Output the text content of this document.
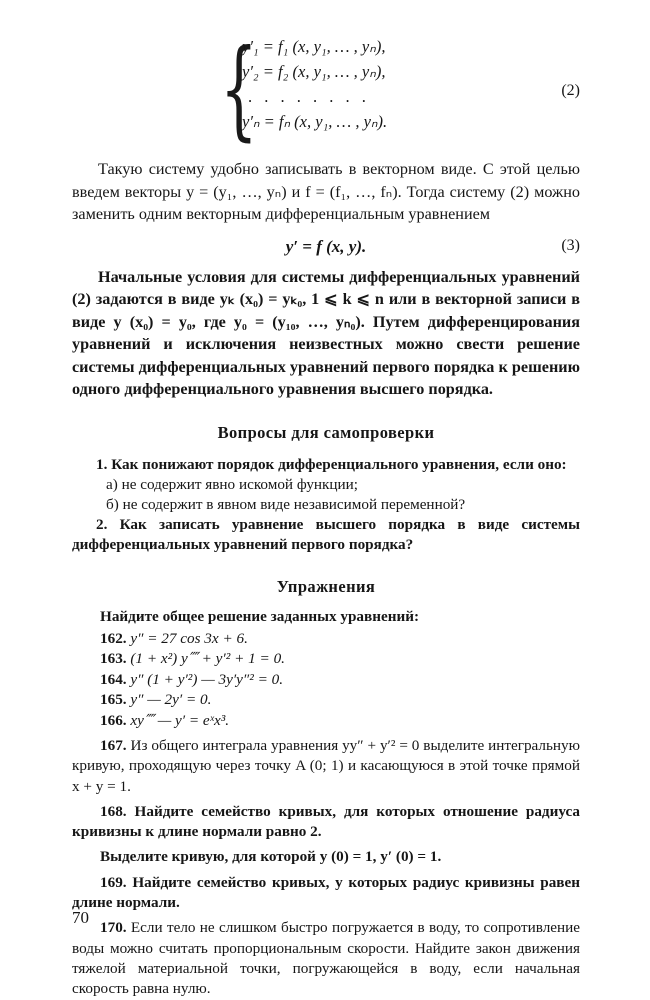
{
y′₁ = f₁ (x, y₁, … , yₙ),
y′₂ = f₂ (x, y₁, … , yₙ),
. . . . . . . .
y′ₙ = fₙ (x, y₁, … , yₙ).
(2)

Такую систему удобно записывать в векторном виде. С этой целью введем векторы y = (y₁, …, yₙ) и f = (f₁, …, fₙ). Тогда систему (2) можно заменить одним векторным дифференциальным уравнением

y′ = f (x, y).	(3)

Начальные условия для системы дифференциальных уравнений (2) задаются в виде yₖ (x₀) = yₖ₀, 1 ⩽ k ⩽ n или в векторной записи в виде y (x₀) = y₀, где y₀ = (y₁₀, …, yₙ₀). Путем дифференцирования уравнений и исключения неизвестных можно свести решение системы дифференциальных уравнений первого порядка к решению одного дифференциального уравнения высшего порядка.

Вопросы для самопроверки

1. Как понижают порядок дифференциального уравнения, если оно:

а) не содержит явно искомой функции;

б) не содержит в явном виде независимой переменной?

2. Как записать уравнение высшего порядка в виде системы дифференциальных уравнений первого порядка?

Упражнения

Найдите общее решение заданных уравнений:

162. y″ = 27 cos 3x + 6.
163. (1 + x²) y⁗ + y′² + 1 = 0.
164. y″ (1 + y′²) — 3y′y″² = 0.
165. y″ — 2y′ = 0.
166. xy⁗ — y′ = eˣx³.

167. Из общего интеграла уравнения yy″ + y′² = 0 выделите интегральную кривую, проходящую через точку A (0; 1) и касающуюся в этой точке прямой x + y = 1.

168. Найдите семейство кривых, для которых отношение радиуса кривизны к длине нормали равно 2.

Выделите кривую, для которой y (0) = 1, y′ (0) = 1.

169. Найдите семейство кривых, у которых радиус кривизны равен длине нормали.

170. Если тело не слишком быстро погружается в воду, то сопротивление воды можно считать пропорциональным скорости. Найдите закон движения тяжелой материальной точки, погружающейся в воду, если начальная скорость равна нулю.

70
